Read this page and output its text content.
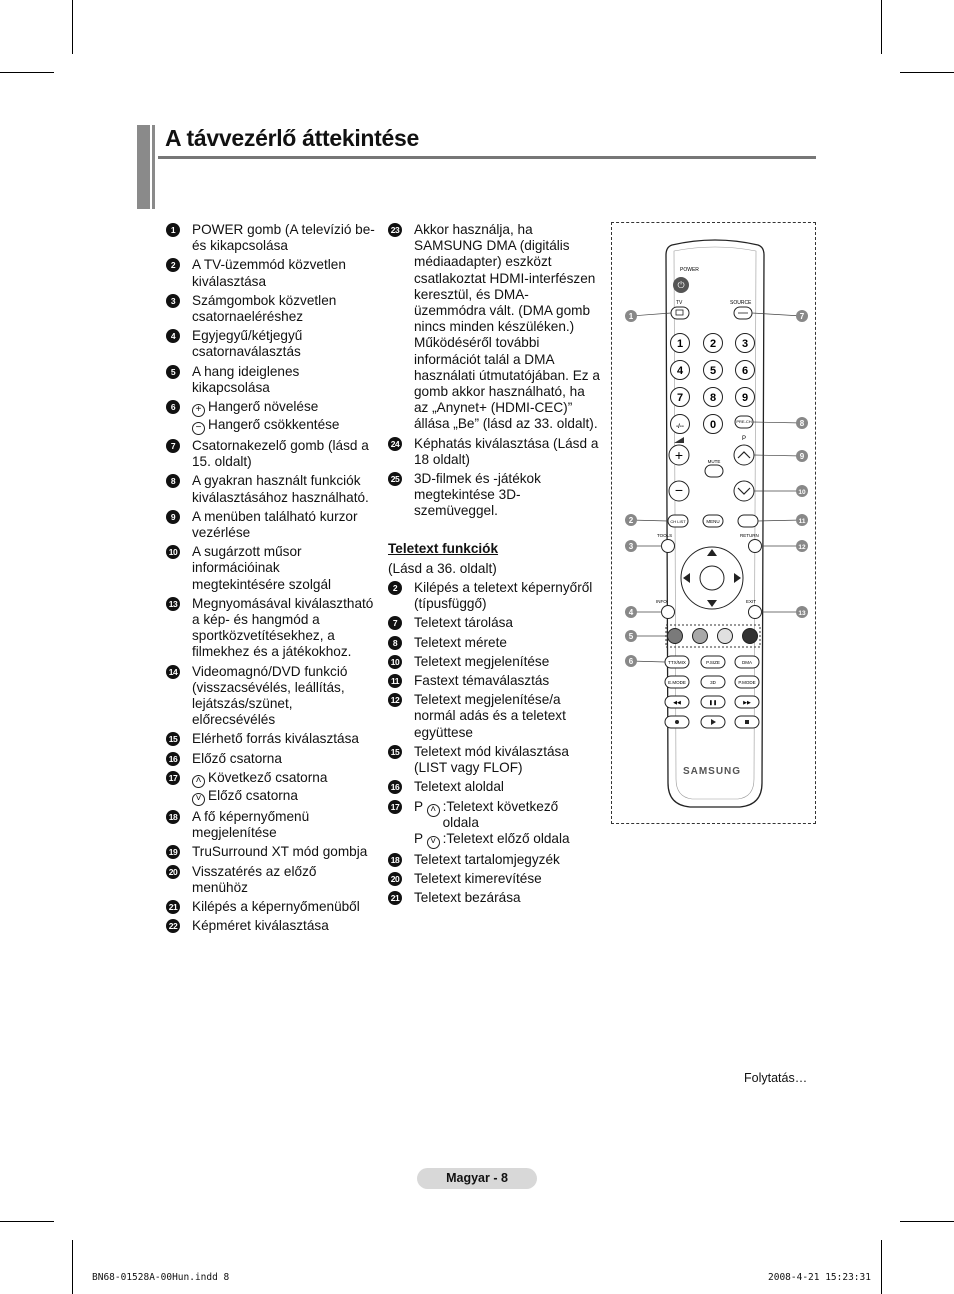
A távvezérlő áttekintése
1	POWER gomb (A televízió be- és kikapcsolása
2	A TV-üzemmód közvetlen kiválasztása
3	Számgombok közvetlen csatornaeléréshez
4	Egyjegyű/kétjegyű csatornaválasztás
5	A hang ideiglenes kikapcsolása
6	+ Hangerő növelése
− Hangerő csökkentése
7	Csatornakezelő gomb (lásd a 15. oldalt)
8	A gyakran használt funkciók kiválasztásához használható.
9	A menüben található kurzor vezérlése
10 A sugárzott műsor információinak megtekintésére szolgál
13 Megnyomásával kiválasztható a kép- és hangmód a sportközvetítésekhez, a filmekhez és a játékokhoz.
14 Videomagnó/DVD funkció (visszacsévélés, leállítás, lejátszás/szünet, előrecsévélés
15 Elérhető forrás kiválasztása
16 Előző csatorna
17	˄ Következő csatorna
˅ Előző csatorna
18 A fő képernyőmenü megjelenítése
19 TruSurround XT mód gombja
20 Visszatérés az előző menühöz
21 Kilépés a képernyőmenüből
22 Képméret kiválasztása
23 Akkor használja, ha SAMSUNG DMA (digitális médiaadapter) eszközt csatlakoztat HDMI-interfészen keresztül, és DMA-üzemmódra vált. (DMA gomb nincs minden készüléken.) Működéséről további információt talál a DMA használati útmutatójában. Ez a gomb akkor használható, ha az „Anynet+ (HDMI-CEC)” állása „Be” (lásd az 33. oldalt).
24 Képhatás kiválasztása (Lásd a 18 oldalt)
25 3D-filmek és -játékok megtekintése 3D-szemüveggel.
Teletext funkciók
(Lásd a 36. oldalt)
2	Kilépés a teletext képernyőről (típusfüggő)
7	Teletext tárolása
8	Teletext mérete
10 Teletext megjelenítése
11 Fastext témaválasztás
12 Teletext megjelenítése/a normál adás és a teletext együttese
15 Teletext mód kiválasztása (LIST vagy FLOF)
16 Teletext aloldal
17 P ˄ :Teletext következő oldala
P ˅ :Teletext előző oldala
18 Teletext tartalomjegyzék
20 Teletext kimerevítése
21 Teletext bezárása
POWER
⏻
TV	SOURCE
1 2 3
4 5 6
7 8 9
-/-- 0
+
−
MUTE
PRE-CH
P
CH LIST	MENU
TOOLS	RETURN
INFO	EXIT
TTX/MIX	P.SIZE	DMA
E.MODE	3D	P.MODE
◀◀	❚❚	▶▶
SAMSUNG
1
2
3
4
5
6
7
8
9
10
11
12
13
Folytatás…
Magyar - 8
BN68-01528A-00Hun.indd 8	2008-4-21 15:23:31
